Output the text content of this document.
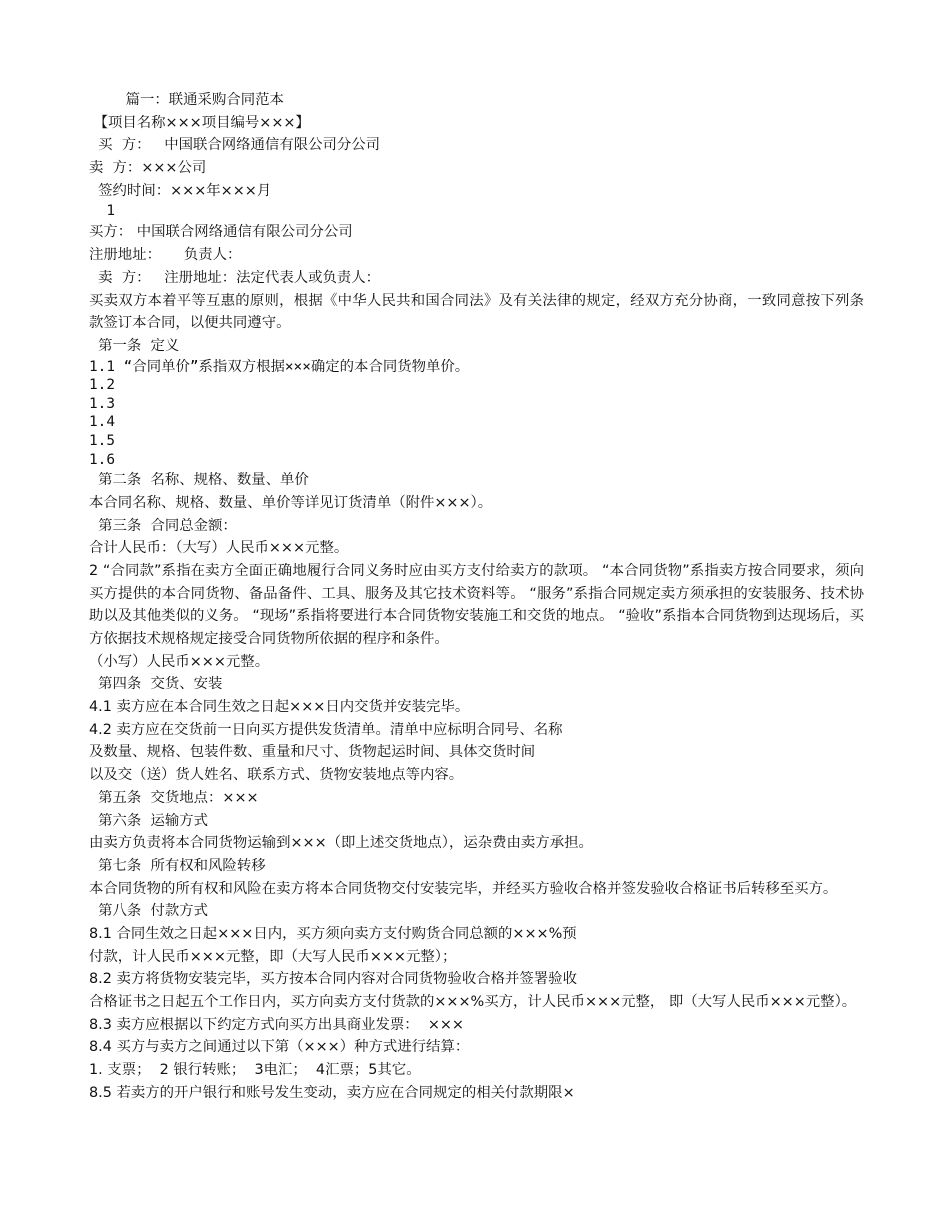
篇一：联通采购合同范本
【项目名称×××项目编号×××】
买  方：   中国联合网络通信有限公司分公司
卖  方：×××公司
签约时间：×××年×××月
1
买方： 中国联合网络通信有限公司分公司
注册地址：     负责人：
卖  方：   注册地址：法定代表人或负责人：
买卖双方本着平等互惠的原则，根据《中华人民共和国合同法》及有关法律的规定，经双方充分协商，一致同意按下列条款签订本合同，以便共同遵守。
第一条  定义
1.1 “合同单价”系指双方根据×××确定的本合同货物单价。
1.2
1.3
1.4
1.5
1.6
第二条  名称、规格、数量、单价
本合同名称、规格、数量、单价等详见订货清单（附件×××）。
第三条  合同总金额：
合计人民币：（大写）人民币×××元整。
2 “合同款”系指在卖方全面正确地履行合同义务时应由买方支付给卖方的款项。 “本合同货物”系指卖方按合同要求，须向买方提供的本合同货物、备品备件、工具、服务及其它技术资料等。 “服务”系指合同规定卖方须承担的安装服务、技术协助以及其他类似的义务。 “现场”系指将要进行本合同货物安装施工和交货的地点。 “验收”系指本合同货物到达现场后，买方依据技术规格规定接受合同货物所依据的程序和条件。
（小写）人民币×××元整。
第四条  交货、安装
4.1 卖方应在本合同生效之日起×××日内交货并安装完毕。
4.2 卖方应在交货前一日向买方提供发货清单。清单中应标明合同号、名称
及数量、规格、包装件数、重量和尺寸、货物起运时间、具体交货时间
以及交（送）货人姓名、联系方式、货物安装地点等内容。
第五条  交货地点：×××
第六条  运输方式
由卖方负责将本合同货物运输到×××（即上述交货地点），运杂费由卖方承担。
第七条  所有权和风险转移
本合同货物的所有权和风险在卖方将本合同货物交付安装完毕，并经买方验收合格并签发验收合格证书后转移至买方。
第八条  付款方式
8.1 合同生效之日起×××日内，买方须向卖方支付购货合同总额的×××%预
付款，计人民币×××元整，即（大写人民币×××元整）；
8.2 卖方将货物安装完毕，买方按本合同内容对合同货物验收合格并签署验收
合格证书之日起五个工作日内，买方向卖方支付货款的×××%买方，计人民币×××元整， 即（大写人民币×××元整）。
8.3 卖方应根据以下约定方式向买方出具商业发票：  ×××
8.4 买方与卖方之间通过以下第（×××）种方式进行结算：
1. 支票；  2 银行转账；  3电汇；  4汇票；5其它。
8.5 若卖方的开户银行和账号发生变动，卖方应在合同规定的相关付款期限×
